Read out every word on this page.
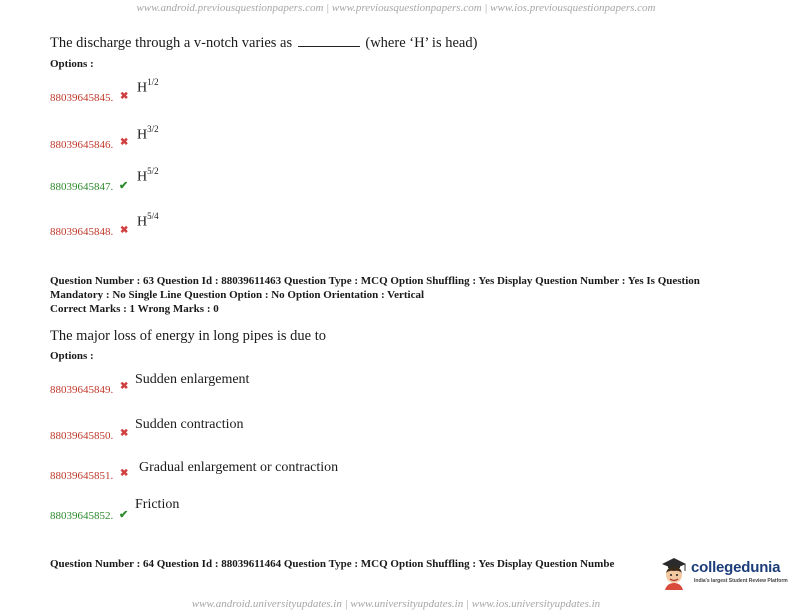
www.android.previousquestionpapers.com | www.previousquestionpapers.com | www.ios.previousquestionpapers.com
The discharge through a v-notch varies as	(where ‘H’ is head)
Options :
88039645845. ✖
$H^{1/2}$
88039645846. ✖ $H^{3/2}$
88039645847. ✔
$H^{5/2}$
88039645848. ✖
$H^{5/4}$
Question Number : 63 Question Id : 88039611463 Question Type : MCQ Option Shuffling : Yes Display Question Number : Yes Is Question
Mandatory : No Single Line Question Option : No Option Orientation : Vertical
Correct Marks : 1 Wrong Marks : 0
The major loss of energy in long pipes is due to
Options :
88039645849. ✖ Sudden enlargement
88039645850. ✖
Sudden contraction
88039645851. ✖ Gradual enlargement or contraction
88039645852. ✔
Friction
Question Number : 64 Question Id : 88039611464 Question Type : MCQ Option Shuffling : Yes Display Question Numbe	collegedunia
India's largest Student Review Platform
www.android.universityupdates.in | www.universityupdates.in | www.ios.universityupdates.in
